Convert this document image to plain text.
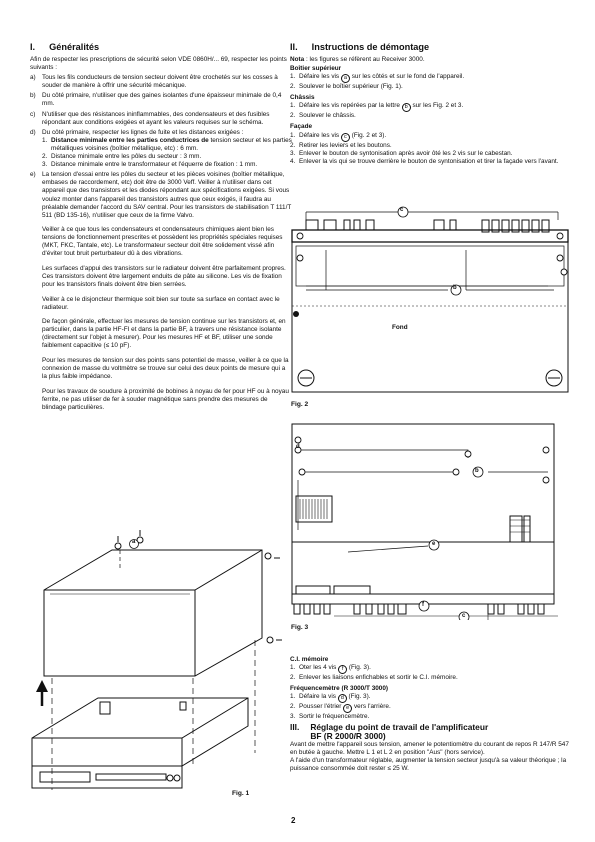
I. Généralités

Afin de respecter les prescriptions de sécurité selon VDE 0860H/... 69, respecter les points suivants :

a) Tous les fils conducteurs de tension secteur doivent être crochetés sur les cosses à souder de manière à offrir une sécurité mécanique.
b) Du côté primaire, n'utiliser que des gaines isolantes d'une épaisseur minimale de 0,4 mm.
c)	N'utiliser que des résistances ininflammables, des condensateurs et des fusibles répondant aux conditions exigées et ayant les valeurs requises sur le schéma.
d) Du côté primaire, respecter les lignes de fuite et les distances exigées :
1. Distance minimale entre les parties conductrices de tension secteur et les parties métalliques voisines (boîtier métallique, etc) : 6 mm.
2. Distance minimale entre les pôles du secteur : 3 mm.
3. Distance minimale entre le transformateur et l'équerre de fixation : 1 mm.
e) La tension d'essai entre les pôles du secteur et les pièces voisines (boîtier métallique, embases de raccordement, etc) doit être de 3000 Veff. Veiller à n'utiliser dans cet appareil que des transistors et les diodes répondant aux spécifications exigées. Si vous voulez monter dans l'appareil des transistors autres que ceux exigés, il faudra au préalable demander l'accord du SAV central. Pour les transistors de stabilisation T 111/T 511 (BD 135-16), n'utiliser que ceux de la firme Valvo.

Veiller à ce que tous les condensateurs et condensateurs chimiques aient bien les tensions de fonctionnement prescrites et possèdent les propriétés spéciales requises (MKT, FKC, Tantale, etc). Le transformateur secteur doit être solidement vissé afin d'éviter tout bruit perturbateur dû à des vibrations.

Les surfaces d'appui des transistors sur le radiateur doivent être parfaitement propres. Ces transistors doivent être largement enduits de pâte au silicone. Les vis de fixation pour les transistors finals doivent être bien serrées.

Veiller à ce le disjoncteur thermique soit bien sur toute sa surface en contact avec le radiateur.

De façon générale, effectuer les mesures de tension continue sur les transistors et, en particulier, dans la partie HF-FI et dans la partie BF, à travers une résistance isolante (directement sur l'objet à mesurer). Pour les mesures HF et BF, utiliser une sonde faiblement capacitive (≤ 10 pF).

Pour les mesures de tension sur des points sans potentiel de masse, veiller à ce que la connexion de masse du voltmètre se trouve sur celui des deux points de mesure qui a la plus faible impédance.

Pour les travaux de soudure à proximité de bobines à noyau de fer pour HF ou à noyau ferrite, ne pas utiliser de fer à souder magnétique sans prendre des mesures de blindage particulières.

a
Fig. 1
II. Instructions de démontage
Nota : les figures se réfèrent au Receiver 3000.
Boîtier supérieur
1. Défaire les vis a sur les côtés et sur le fond de l'appareil.
2. Soulever le boîtier supérieur (Fig. 1).
Châssis
1. Défaire les vis repérées par la lettre b sur les Fig. 2 et 3.
2. Soulever le châssis.
Façade
1. Défaire les vis c (Fig. 2 et 3).
2. Retirer les leviers et les boutons.
3. Enlever le bouton de syntonisation après avoir ôté les 2 vis sur le cabestan.
4. Enlever la vis qui se trouve derrière le bouton de syntonisation et tirer la façade vers l'avant.
c
b
Fond
Fig. 2
d
b
e
f
c
Fig. 3
C.I. mémoire
1. Oter les 4 vis f (Fig. 3).
2. Enlever les liaisons enfichables et sortir le C.I. mémoire.
Fréquencemètre (R 3000/T 3000)
1. Défaire la vis d (Fig. 3).
2. Pousser l'étrier e vers l'arrière.
3. Sortir le fréquencemètre.
III. Réglage du point de travail de l'amplificateur
BF (R 2000/R 3000)

Avant de mettre l'appareil sous tension, amener le potentiomètre du courant de repos R 147/R 547 en butée à gauche. Mettre L 1 et L 2 en position "Aus" (hors service).

A l'aide d'un transformateur réglable, augmenter la tension secteur jusqu'à sa valeur théorique ; la puissance consommée doit rester ≤ 25 W.

2
